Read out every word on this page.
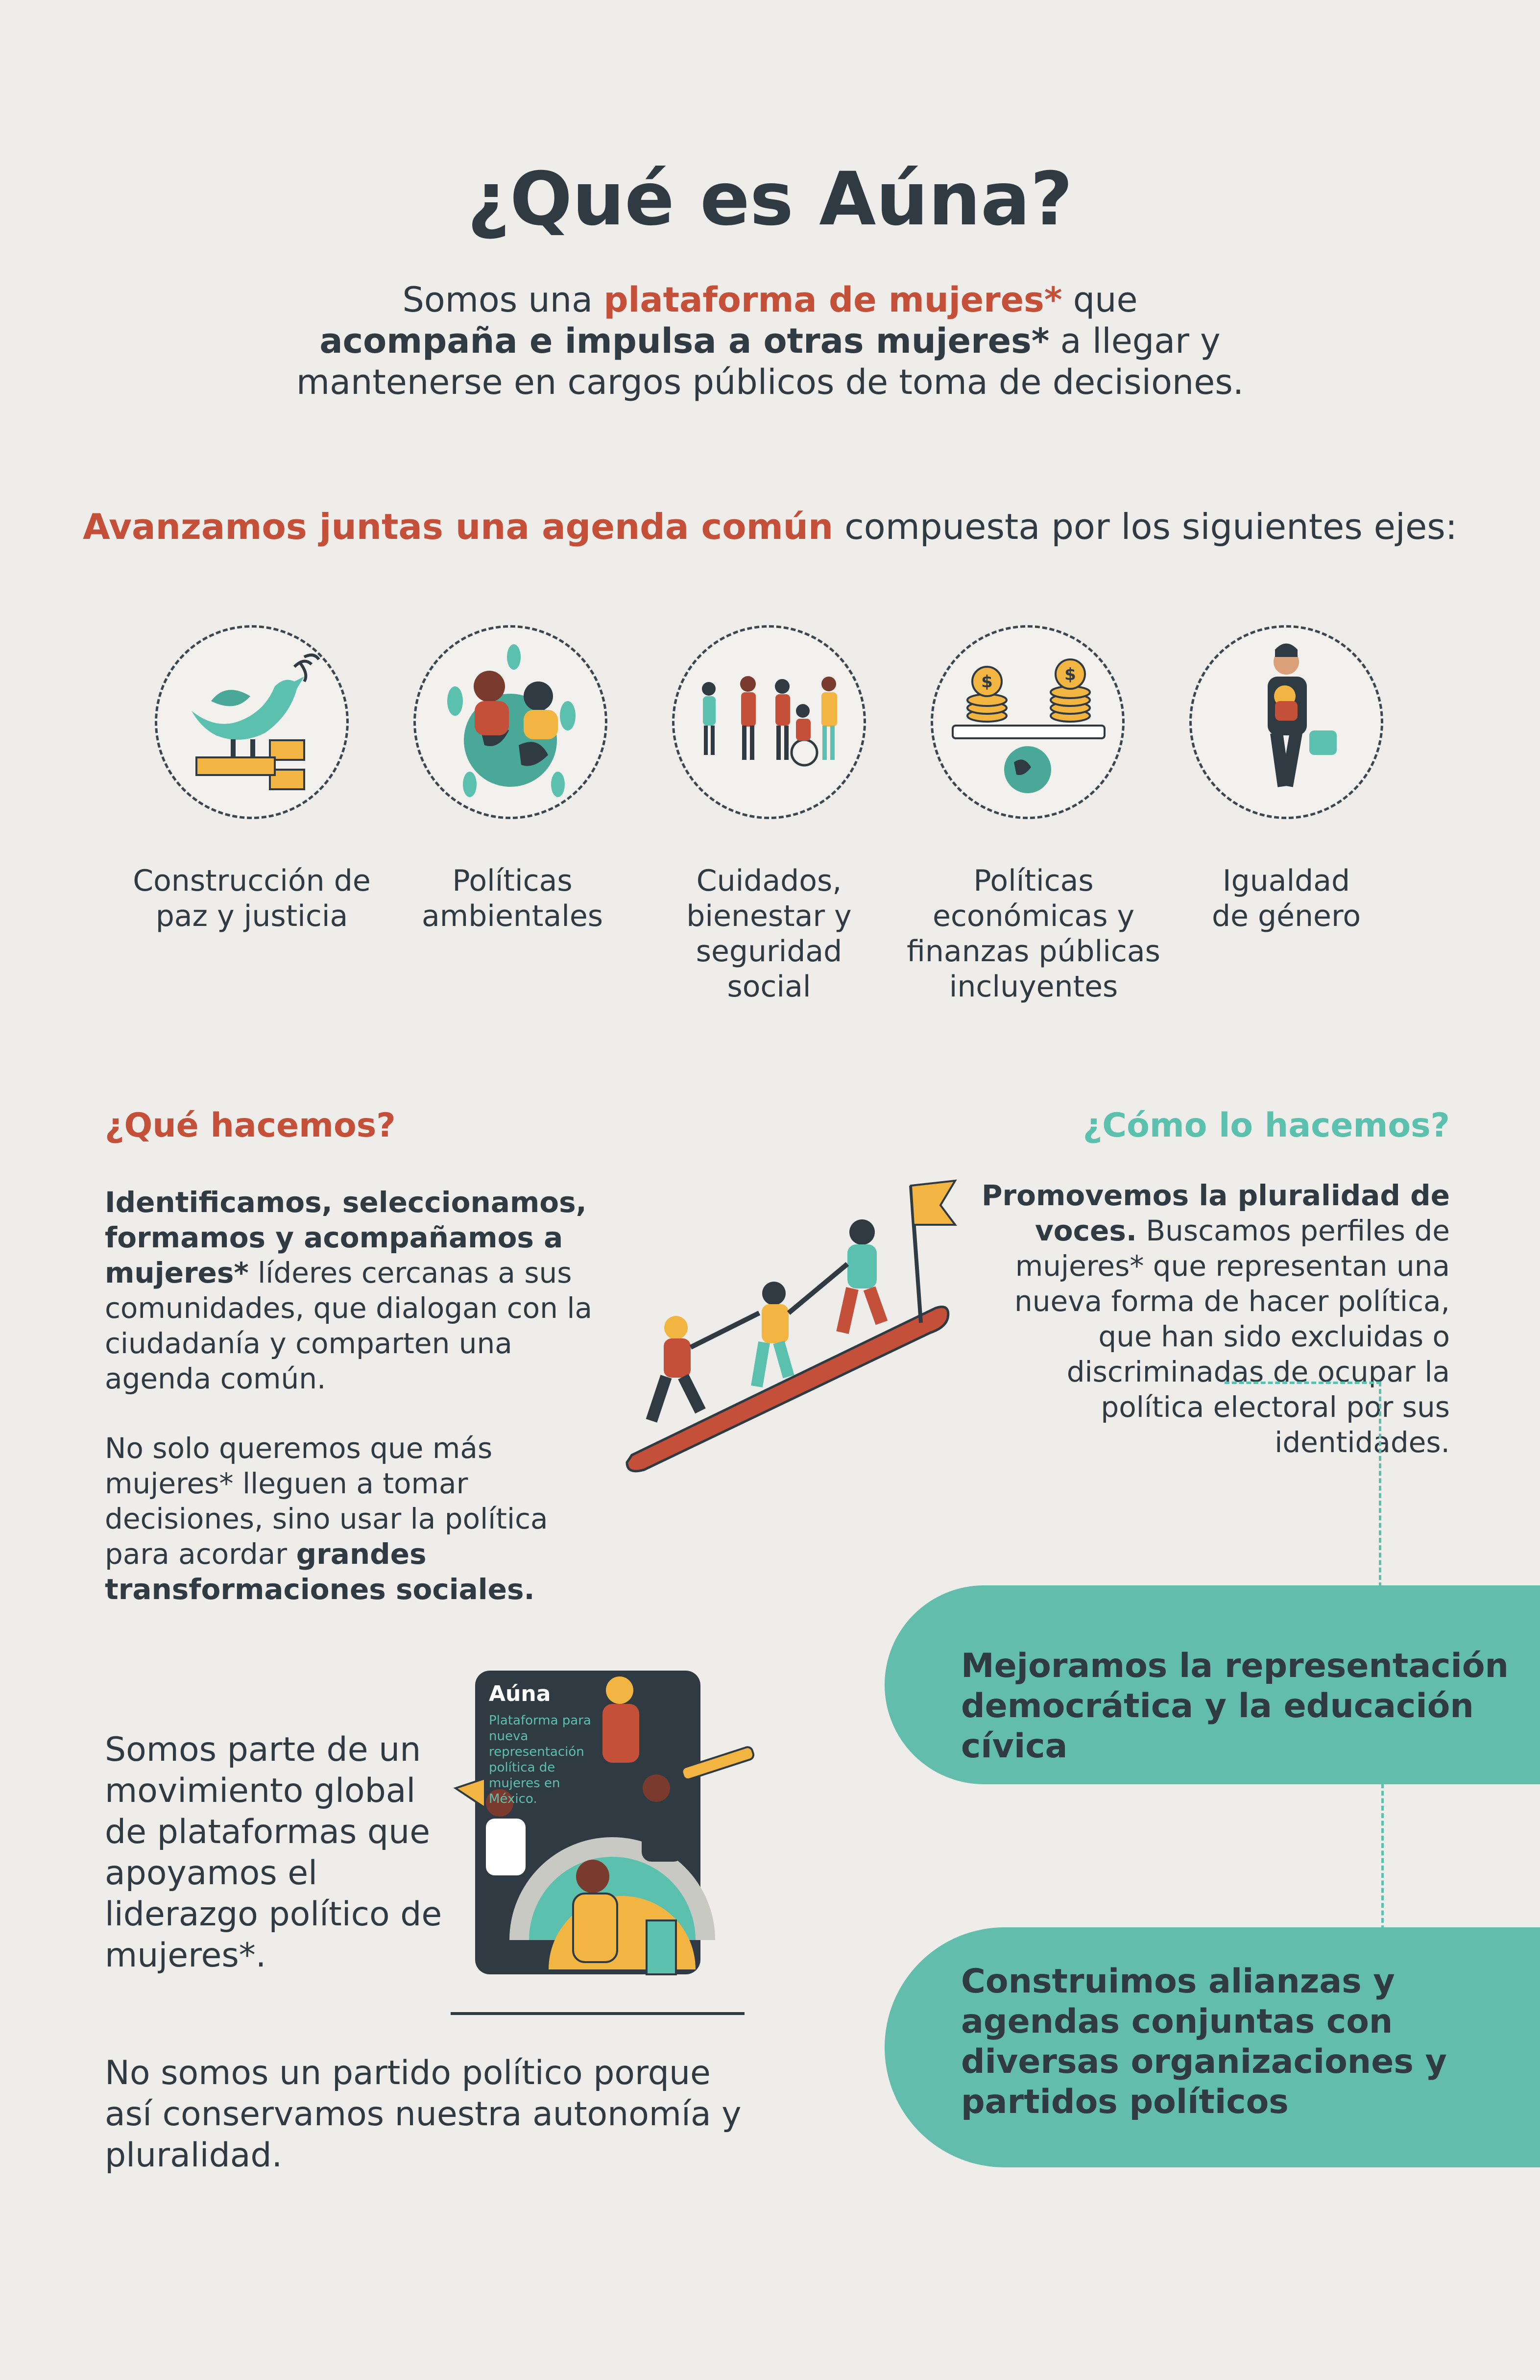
¿Qué es Aúna?
Somos una plataforma de mujeres* que
acompaña e impulsa a otras mujeres* a llegar y mantenerse en cargos públicos de toma de decisiones.
Avanzamos juntas una agenda común compuesta por los siguientes ejes:
$	$
Construcción de paz y justicia
Políticas ambientales
Cuidados, bienestar y seguridad social
Políticas económicas y finanzas públicas incluyentes
Igualdad de género
¿Qué hacemos?
Identificamos, seleccionamos, formamos y acompañamos a mujeres* líderes cercanas a sus comunidades, que dialogan con la ciudadanía y comparten una agenda común.
No solo queremos que más mujeres* lleguen a tomar decisiones, sino usar la política para acordar grandes transformaciones sociales.
¿Cómo lo hacemos?
Promovemos la pluralidad de voces. Buscamos perfiles de mujeres* que representan una nueva forma de hacer política, que han sido excluidas o discriminadas de ocupar la política electoral por sus identidades.
Mejoramos la representación democrática y la educación cívica
Construimos alianzas y agendas conjuntas con diversas organizaciones y partidos políticos
Somos parte de un movimiento global de plataformas que apoyamos el liderazgo político de mujeres*.
No somos un partido político porque así conservamos nuestra autonomía y pluralidad.
Aúna
Plataforma para nueva representación política de mujeres en México.
